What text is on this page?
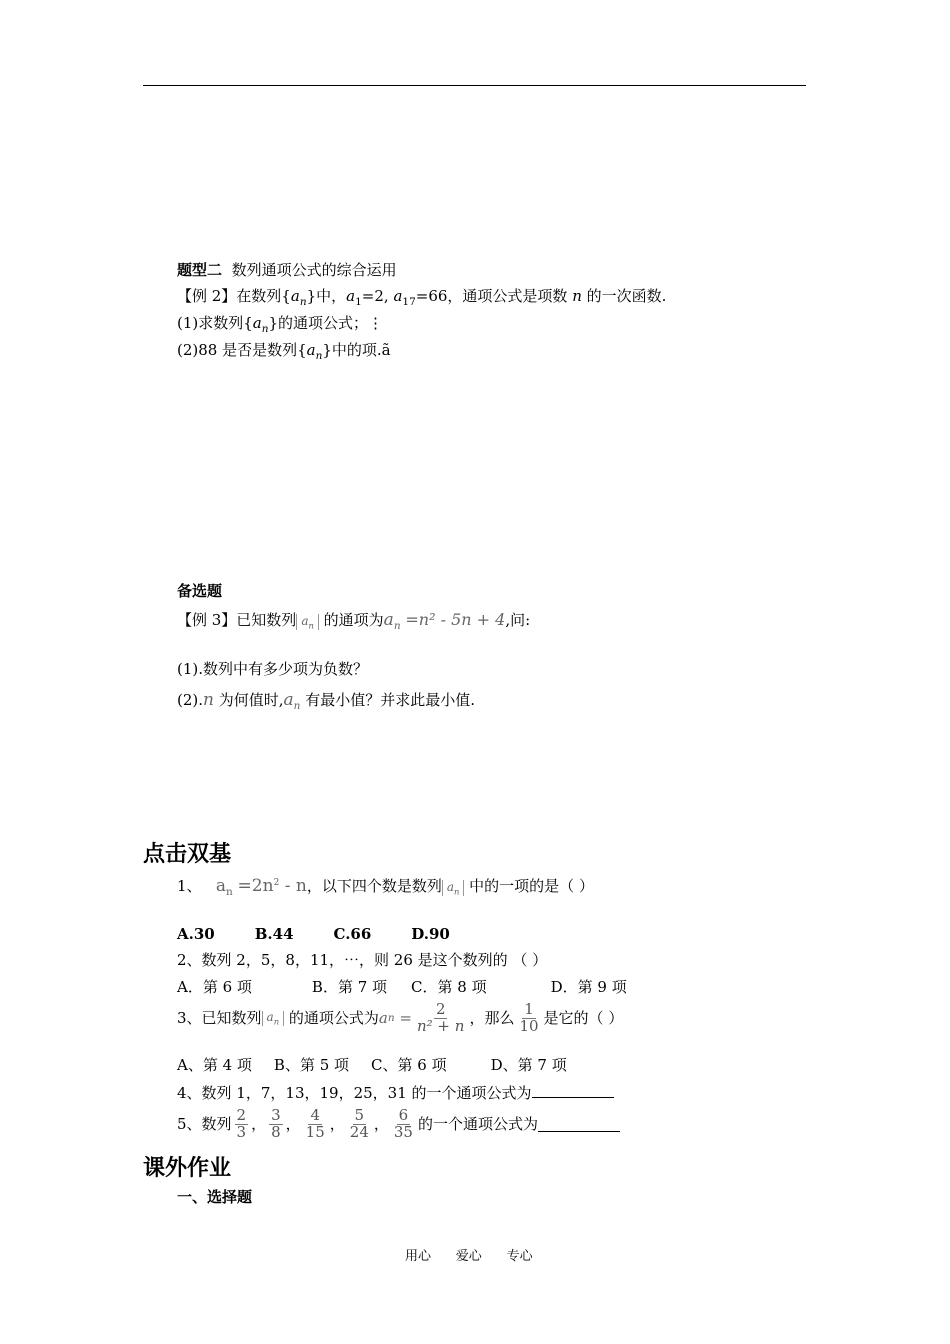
题型二 数列通项公式的综合运用
【例 2】在数列$\{a_n\}$中，$a_1=2$, $a_{17}=66$，通项公式是项数 n 的一次函数.
(1)求数列$\{a_n\}$的通项公式；⋮
(2)88 是否是数列$\{a_n\}$中的项.ã
备选题
【例 3】已知数列 $a_n$ 的通项为$a_n =n^2 - 5n + 4$,问:
(1).数列中有多少项为负数？
(2).n 为何值时$,a_n$ 有最小值？并求此最小值.
点击双基
1、 $a_n =2n^2 - n$，以下四个数是数列 $a_n$ 中的一项的是（ ）
A.30	B.44	C.66	D.90
2、数列 2，5，8，11，⋯，则 26 是这个数列的 （ ）
A．第 6 项	B．第 7 项 C．第 8 项	D．第 9 项
3、已知数列 $a_n$
的通项公式为 a n
= $\frac{2}{\text{n² + n}}$ ，那么 $\frac{1}{10}$ 是它的（ ）
A、第 4 项 B、第 5 项 C、第 6 项	D、第 7 项
4、数列 1，7，13，19，25，31 的一个通项公式为
5、数列 $\frac{2}{3}$ ， $\frac{3}{8}$ ， $\frac{4}{15}$ ， $\frac{5}{24}$ ， $\frac{6}{35}$ 的一个通项公式为
课外作业
一、选择题
用心      爱心      专心
